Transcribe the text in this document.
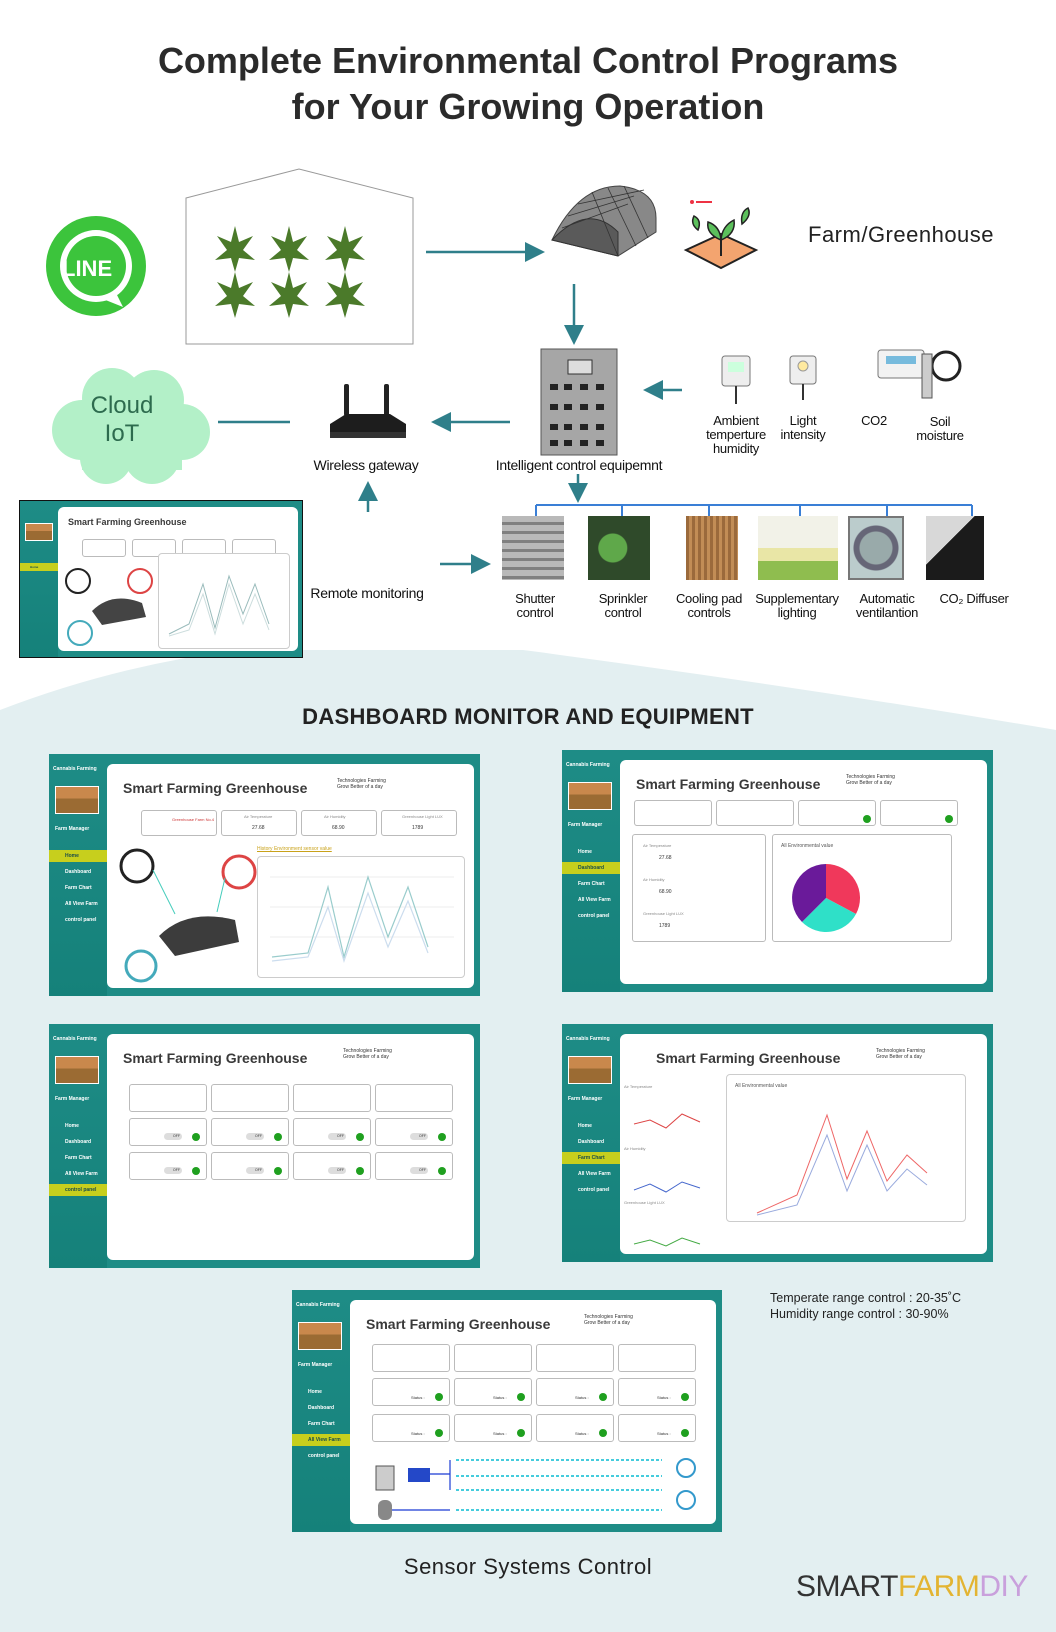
Complete Environmental Control Programs
for Your Growing Operation
LINE
Farm/Greenhouse
Cloud
IoT
Wireless gateway	Intelligent control equipemnt
Ambient
temperture
humidity
Light
intensity
CO2	Soil
moisture
Shutter
control
Sprinkler
control
Cooling pad
controls
Supplementary
lighting
Automatic
ventilantion
CO₂ Diffuser
Home
Smart Farming Greenhouse
Remote monitoring
DASHBOARD MONITOR AND EQUIPMENT
Cannabis Farming
Farm Manager
Home
Dashboard
Farm Chart
All View Farm
control panel
Smart Farming Greenhouse	Technologies Farming
Grow Better of a day
Greenhouse Farm No.4
Air Temperature
27.68
Air Humidity
68.90
Greenhouse Light LUX
1789
History Environment sensor value
Cannabis Farming
Farm Manager
Home
Dashboard
Farm Chart
All View Farm
control panel
Smart Farming Greenhouse	Technologies Farming
Grow Better of a day
Air Temperature
27.68
Air Humidity
68.90
Greenhouse Light LUX
1789
All Environmental value
Cannabis Farming
Farm Manager
Home
Dashboard
Farm Chart
All View Farm
control panel
Smart Farming Greenhouse	Technologies Farming
Grow Better of a day
OFF	OFF	OFF	OFF
OFF	OFF	OFF	OFF
Cannabis Farming
Farm Manager
Home
Dashboard
Farm Chart
All View Farm
control panel
Smart Farming Greenhouse	Technologies Farming
Grow Better of a day
Air Temperature
Air Humidity
Greenhouse Light LUX
All Environmental value
Cannabis Farming
Farm Manager
Home
Dashboard
Farm Chart
All View Farm
control panel
Smart Farming Greenhouse	Technologies Farming
Grow Better of a day
Status :	Status :	Status :	Status :
Status :	Status :	Status :	Status :
Temperate range control : 20-35˚C
Humidity range control : 30-90%
Sensor Systems Control
SMARTFARMDIY
